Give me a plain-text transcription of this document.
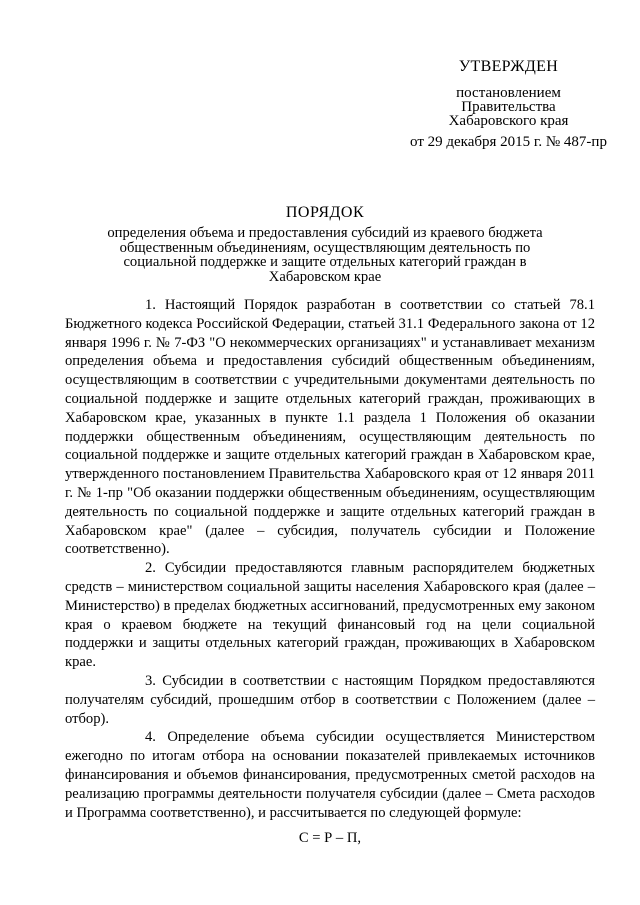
УТВЕРЖДЕН
постановлением
Правительства
Хабаровского края
от 29 декабря 2015 г. № 487-пр
ПОРЯДОК
определения объема и предоставления субсидий из краевого бюджета общественным объединениям, осуществляющим деятельность по социальной поддержке и защите отдельных категорий граждан в Хабаровском крае

1. Настоящий Порядок разработан в соответствии со статьей 78.1 Бюджетного кодекса Российской Федерации, статьей 31.1 Федерального закона от 12 января 1996 г. № 7-ФЗ "О некоммерческих организациях" и устанавливает механизм определения объема и предоставления субсидий общественным объединениям, осуществляющим в соответствии с учредительными документами деятельность по социальной поддержке и защите отдельных категорий граждан, проживающих в Хабаровском крае, указанных в пункте 1.1 раздела 1 Положения об оказании поддержки общественным объединениям, осуществляющим деятельность по социальной поддержке и защите отдельных категорий граждан в Хабаровском крае, утвержденного постановлением Правительства Хабаровского края от 12 января 2011 г. № 1-пр "Об оказании поддержки общественным объединениям, осуществляющим деятельность по социальной поддержке и защите отдельных категорий граждан в Хабаровском крае" (далее – субсидия, получатель субсидии и Положение соответственно).

2. Субсидии предоставляются главным распорядителем бюджетных средств – министерством социальной защиты населения Хабаровского края (далее – Министерство) в пределах бюджетных ассигнований, предусмотренных ему законом края о краевом бюджете на текущий финансовый год на цели социальной поддержки и защиты отдельных категорий граждан, проживающих в Хабаровском крае.

3. Субсидии в соответствии с настоящим Порядком предоставляются получателям субсидий, прошедшим отбор в соответствии с Положением (далее – отбор).

4. Определение объема субсидии осуществляется Министерством ежегодно по итогам отбора на основании показателей привлекаемых источников финансирования и объемов финансирования, предусмотренных сметой расходов на реализацию программы деятельности получателя субсидии (далее – Смета расходов и Программа соответственно), и рассчитывается по следующей формуле:

С = Р – П,
